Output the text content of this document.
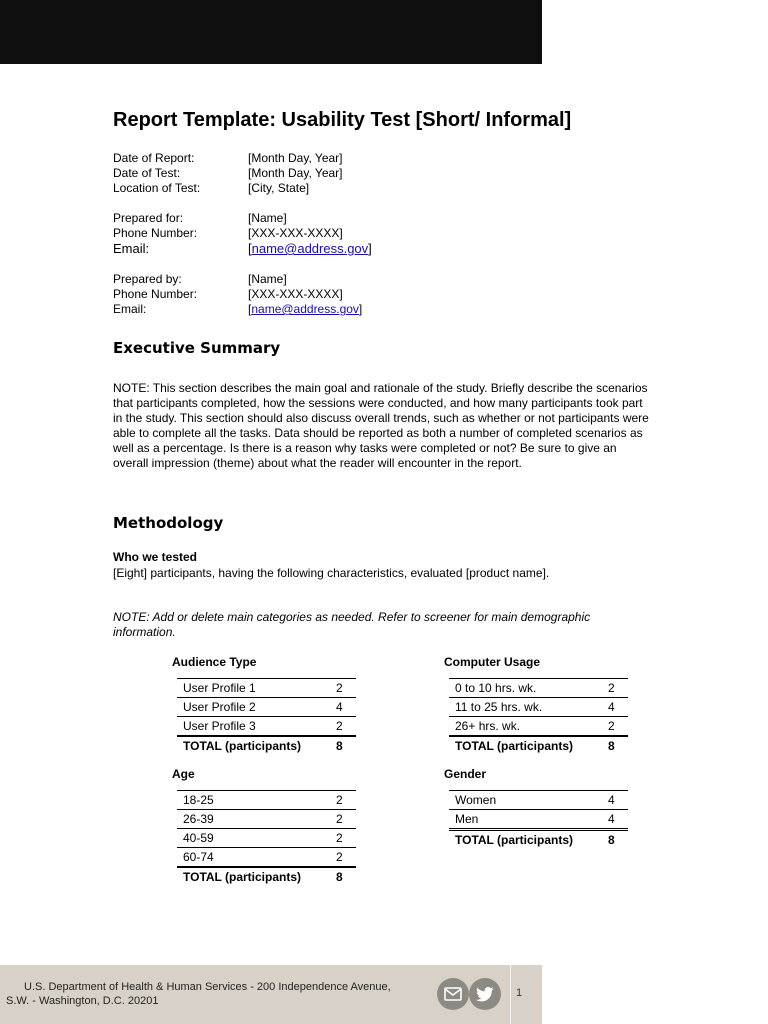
Report Template: Usability Test [Short/ Informal]
Date of Report:	[Month Day, Year]
Date of Test:	[Month Day, Year]
Location of Test:	[City, State]
Prepared for:	[Name]
Phone Number:	[XXX-XXX-XXXX]
Email:	[name@address.gov]
Prepared by:	[Name]
Phone Number:	[XXX-XXX-XXXX]
Email:	[name@address.gov]
Executive Summary

NOTE: This section describes the main goal and rationale of the study. Briefly describe the scenarios that participants completed, how the sessions were conducted, and how many participants took part in the study. This section should also discuss overall trends, such as whether or not participants were able to complete all the tasks. Data should be reported as both a number of completed scenarios as well as a percentage. Is there is a reason why tasks were completed or not? Be sure to give an overall impression (theme) about what the reader will encounter in the report.

Methodology

Who we tested

[Eight] participants, having the following characteristics, evaluated [product name].

NOTE: Add or delete main categories as needed. Refer to screener for main demographic information.

Audience Type
User Profile 1	2
User Profile 2	4
User Profile 3	2
TOTAL (participants)	8
Computer Usage
0 to 10 hrs. wk.	2
11 to 25 hrs. wk.	4
26+ hrs. wk.	2
TOTAL (participants)	8
Age
18-25	2
26-39	2
40-59	2
60-74	2
TOTAL (participants)	8
Gender
Women	4
Men	4
TOTAL (participants)	8
U.S. Department of Health & Human Services - 200 Independence Avenue, S.W. - Washington, D.C. 20201
1
